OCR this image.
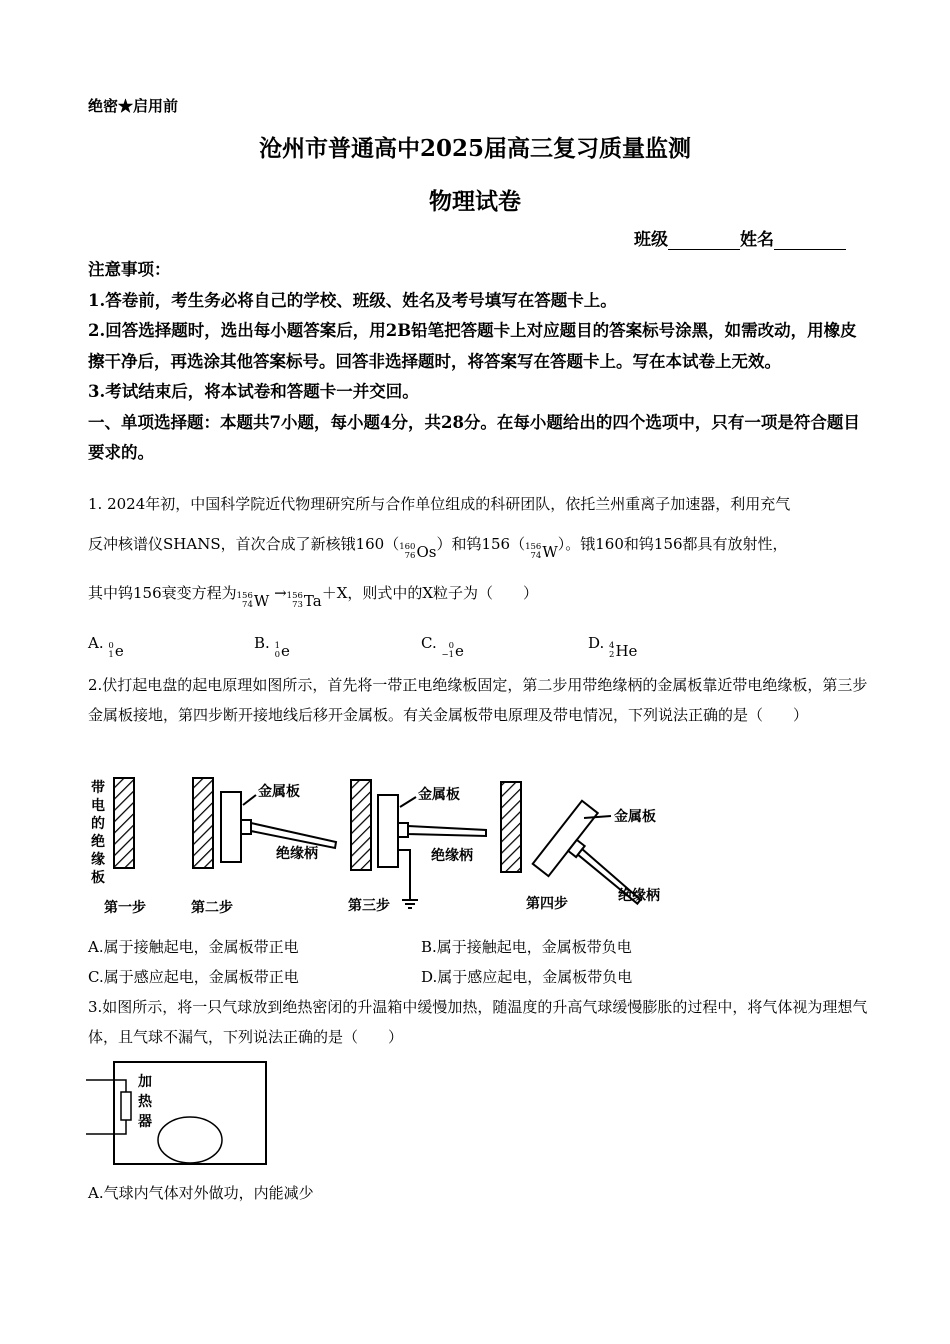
绝密★启用前
沧州市普通高中2025届高三复习质量监测
物理试卷
班级	姓名
注意事项：
1.答卷前，考生务必将自己的学校、班级、姓名及考号填写在答题卡上。
2.回答选择题时，选出每小题答案后，用2B铅笔把答题卡上对应题目的答案标号涂黑，如需改动，用橡皮擦干净后，再选涂其他答案标号。回答非选择题时，将答案写在答题卡上。写在本试卷上无效。
3.考试结束后，将本试卷和答题卡一并交回。
一、单项选择题：本题共7小题，每小题4分，共28分。在每小题给出的四个选项中，只有一项是符合题目要求的。
1. 2024年初，中国科学院近代物理研究所与合作单位组成的科研团队，依托兰州重离子加速器，利用充气
反冲核谱仪SHANS，首次合成了新核锇160（ 160
76 Os ）和钨156（ 156
74 W ）。锇160和钨156都具有放射性，
其中钨156衰变方程为 156
74 W → 156
73 Ta ＋X，则式中的X粒子为（　　）
A. 0
1 e	B. 1
0 e	C.	0
−1 e	D. 4
2 He
2.伏打起电盘的起电原理如图所示，首先将一带正电绝缘板固定，第二步用带绝缘柄的金属板靠近带电绝缘板，第三步金属板接地，第四步断开接地线后移开金属板。有关金属板带电原理及带电情况，下列说法正确的是（　　）
带
电
的
绝
缘
板
第一步
金属板
绝缘柄
第二步
金属板
绝缘柄
第三步
金属板
绝缘柄
第四步
A.属于接触起电，金属板带正电	B.属于接触起电，金属板带负电
C.属于感应起电，金属板带正电	D.属于感应起电，金属板带负电
3.如图所示，将一只气球放到绝热密闭的升温箱中缓慢加热，随温度的升高气球缓慢膨胀的过程中，将气体视为理想气体，且气球不漏气，下列说法正确的是（　　）
加
热
器
A.气球内气体对外做功，内能减少
